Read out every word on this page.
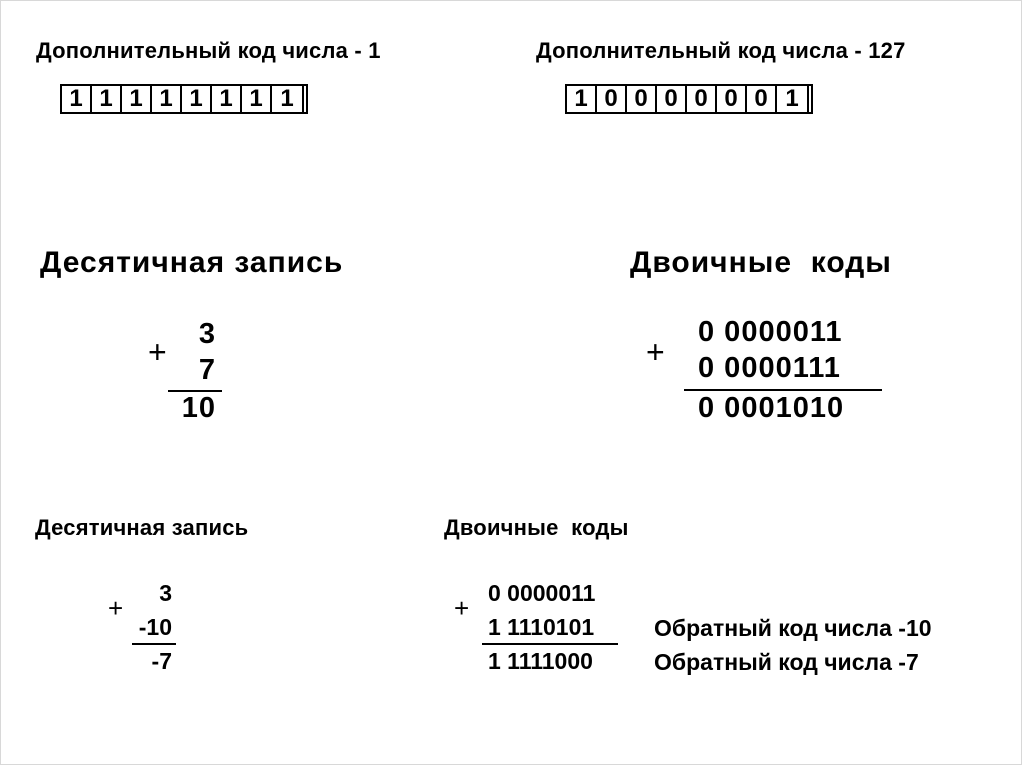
Дополнительный код числа - 1
1 1 1 1 1 1 1 1
Дополнительный код числа - 127
1 0 0 0 0 0 0 1
Десятичная запись	Двоичные  коды
+	3
7
10
+
0 0000011
0 0000111
0 0001010
Десятичная запись	Двоичные  коды
+	3
-10
-7
+ 0 0000011
1 1110101
1 1111000
Обратный код числа -10
Обратный код числа -7
